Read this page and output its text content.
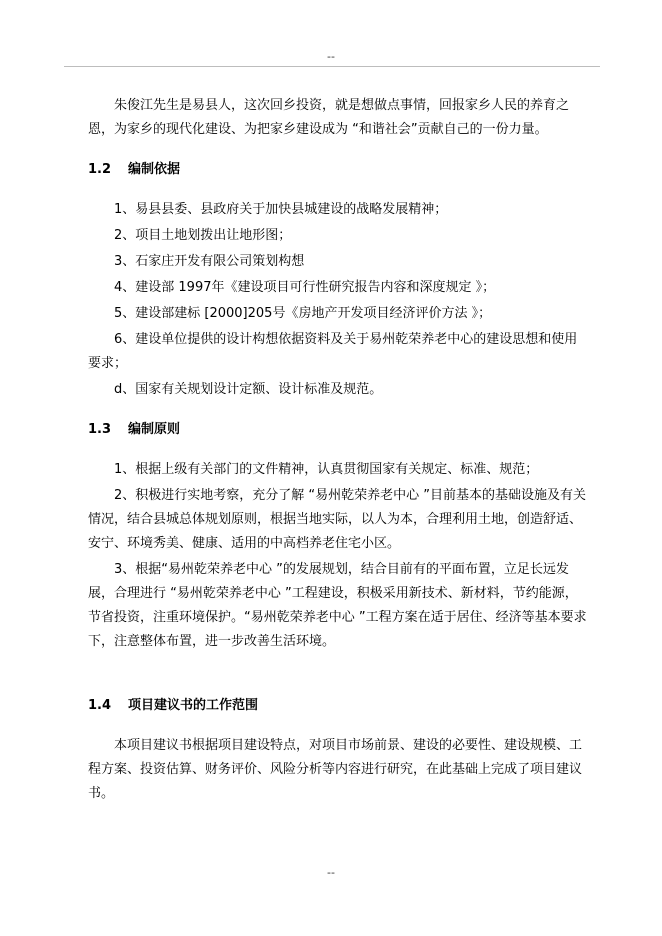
--

朱俊江先生是易县人，这次回乡投资，就是想做点事情，回报家乡人民的养育之恩，为家乡的现代化建设、为把家乡建设成为 “和谐社会”贡献自己的一份力量。

1.2 编制依据

1、易县县委、县政府关于加快县城建设的战略发展精神；

2、项目土地划拨出让地形图；

3、石家庄开发有限公司策划构想

4、建设部 1997年《建设项目可行性研究报告内容和深度规定 》；

5、建设部建标 [2000]205号《房地产开发项目经济评价方法 》；

6、建设单位提供的设计构想依据资料及关于易州乾荣养老中心的建设思想和使用要求；

d、国家有关规划设计定额、设计标准及规范。

1.3 编制原则

1、根据上级有关部门的文件精神，认真贯彻国家有关规定、标准、规范；

2、积极进行实地考察，充分了解 “易州乾荣养老中心 ”目前基本的基础设施及有关情况，结合县城总体规划原则，根据当地实际，以人为本，合理利用土地，创造舒适、安宁、环境秀美、健康、适用的中高档养老住宅小区。

3、根据“易州乾荣养老中心 ”的发展规划，结合目前有的平面布置，立足长远发展，合理进行 “易州乾荣养老中心 ”工程建设，积极采用新技术、新材料，节约能源，节省投资，注重环境保护。“易州乾荣养老中心 ”工程方案在适于居住、经济等基本要求下，注意整体布置，进一步改善生活环境。

1.4 项目建议书的工作范围

本项目建议书根据项目建设特点，对项目市场前景、建设的必要性、建设规模、工程方案、投资估算、财务评价、风险分析等内容进行研究，在此基础上完成了项目建议书。

--
